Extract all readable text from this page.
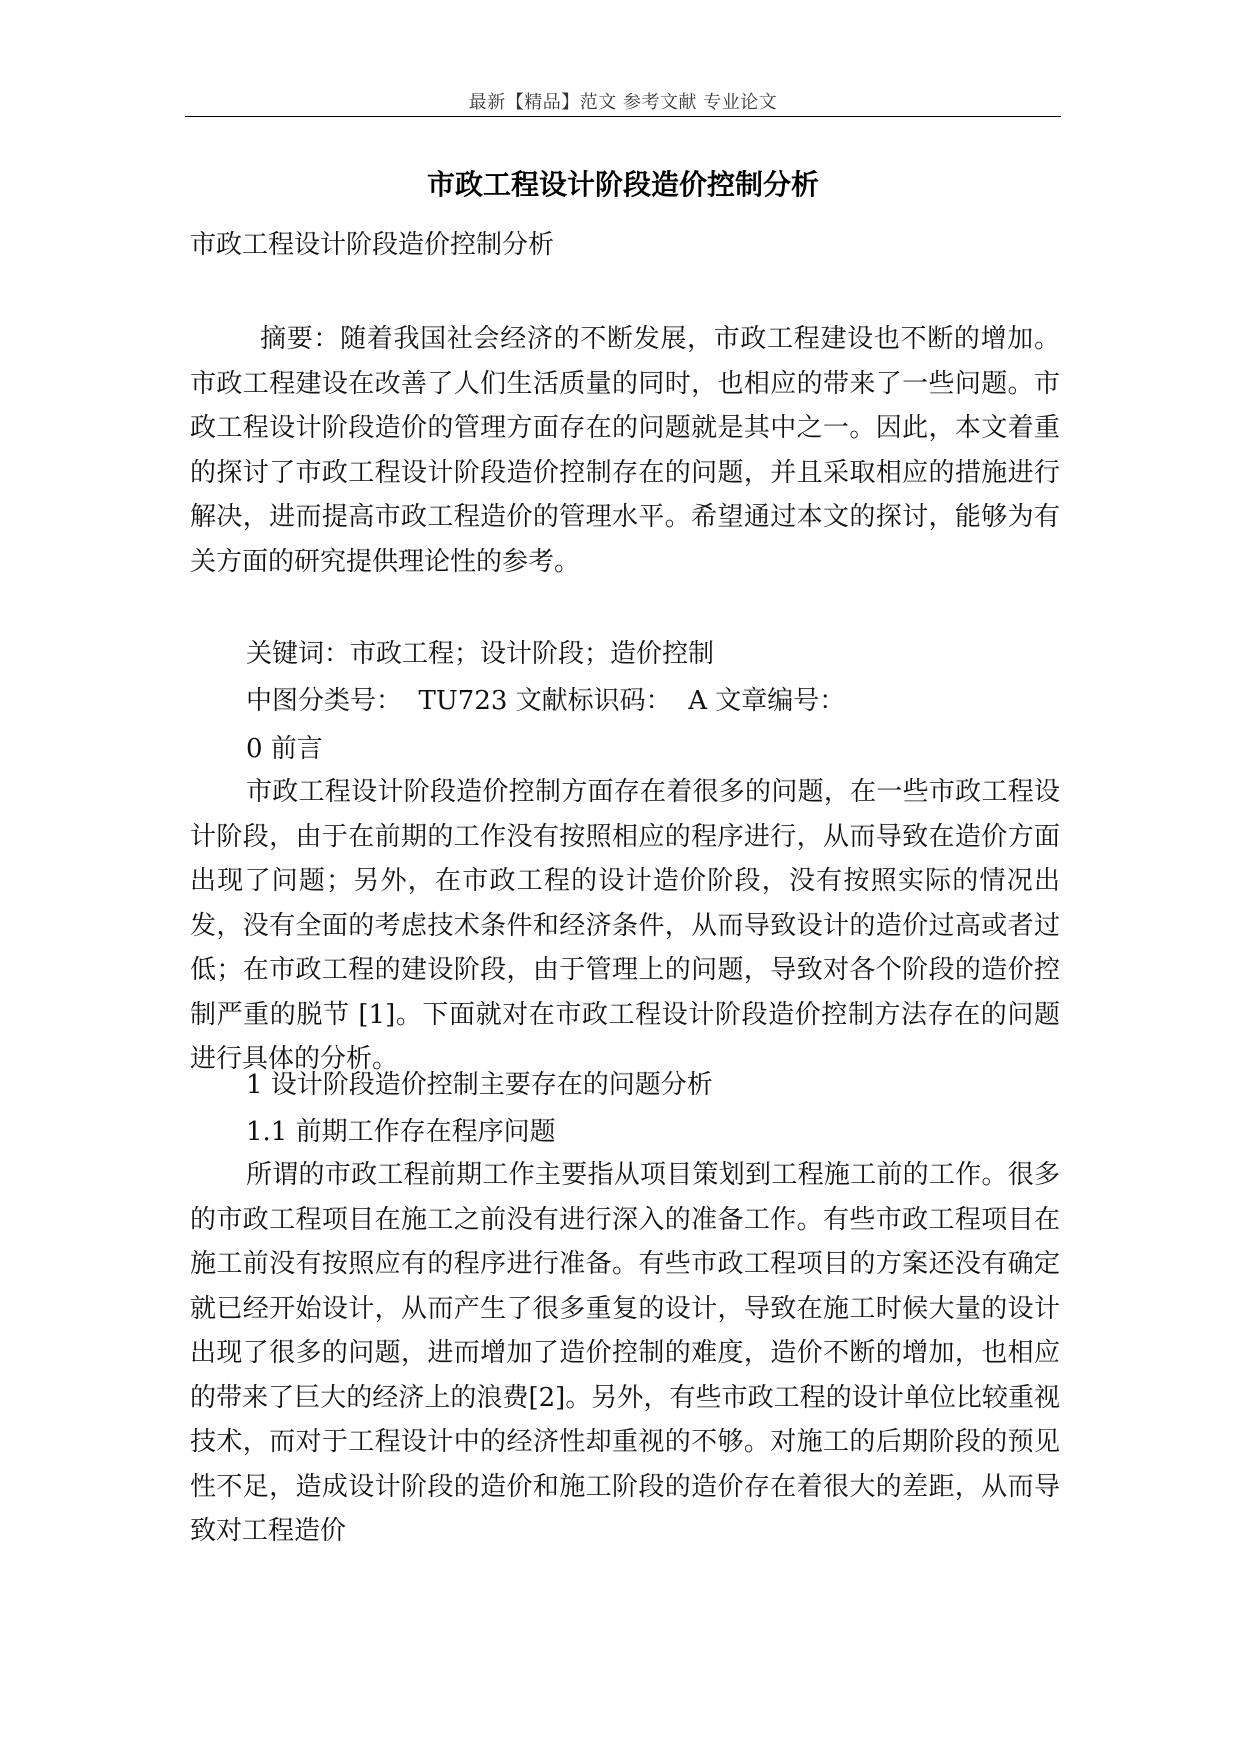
最新【精品】范文 参考文献 专业论文
市政工程设计阶段造价控制分析
市政工程设计阶段造价控制分析

摘要：随着我国社会经济的不断发展，市政工程建设也不断的增加。市政工程建设在改善了人们生活质量的同时，也相应的带来了一些问题。市政工程设计阶段造价的管理方面存在的问题就是其中之一。因此，本文着重的探讨了市政工程设计阶段造价控制存在的问题，并且采取相应的措施进行解决，进而提高市政工程造价的管理水平。希望通过本文的探讨，能够为有关方面的研究提供理论性的参考。

关键词：市政工程；设计阶段；造价控制

中图分类号：  TU723 文献标识码：  A 文章编号：

0 前言

市政工程设计阶段造价控制方面存在着很多的问题，在一些市政工程设计阶段，由于在前期的工作没有按照相应的程序进行，从而导致在造价方面出现了问题；另外，在市政工程的设计造价阶段，没有按照实际的情况出发，没有全面的考虑技术条件和经济条件，从而导致设计的造价过高或者过低；在市政工程的建设阶段，由于管理上的问题，导致对各个阶段的造价控制严重的脱节 [1]。下面就对在市政工程设计阶段造价控制方法存在的问题进行具体的分析。

1 设计阶段造价控制主要存在的问题分析

1.1 前期工作存在程序问题

所谓的市政工程前期工作主要指从项目策划到工程施工前的工作。很多的市政工程项目在施工之前没有进行深入的准备工作。有些市政工程项目在施工前没有按照应有的程序进行准备。有些市政工程项目的方案还没有确定就已经开始设计，从而产生了很多重复的设计，导致在施工时候大量的设计出现了很多的问题，进而增加了造价控制的难度，造价不断的增加，也相应的带来了巨大的经济上的浪费[2]。另外，有些市政工程的设计单位比较重视技术，而对于工程设计中的经济性却重视的不够。对施工的后期阶段的预见性不足，造成设计阶段的造价和施工阶段的造价存在着很大的差距，从而导致对工程造价
